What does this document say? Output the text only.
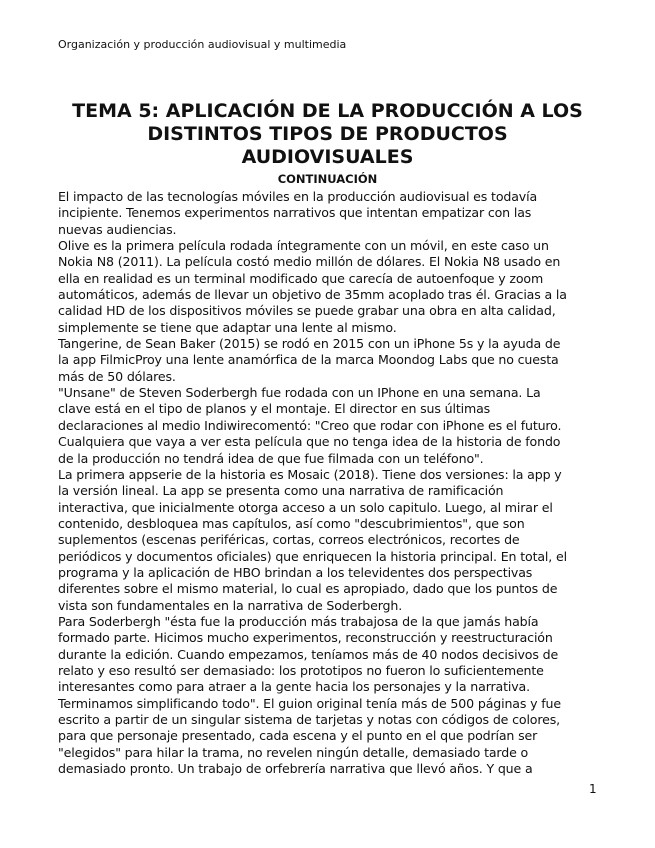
Organización y producción audiovisual y multimedia
TEMA 5: APLICACIÓN DE LA PRODUCCIÓN A LOS
DISTINTOS TIPOS DE PRODUCTOS
AUDIOVISUALES
CONTINUACIÓN
El impacto de las tecnologías móviles en la producción audiovisual es todavía
incipiente. Tenemos experimentos narrativos que intentan empatizar con las
nuevas audiencias.
Olive es la primera película rodada íntegramente con un móvil, en este caso un
Nokia N8 (2011). La película costó medio millón de dólares. El Nokia N8 usado en
ella en realidad es un terminal modificado que carecía de autoenfoque y zoom
automáticos, además de llevar un objetivo de 35mm acoplado tras él. Gracias a la
calidad HD de los dispositivos móviles se puede grabar una obra en alta calidad,
simplemente se tiene que adaptar una lente al mismo.
Tangerine, de Sean Baker (2015) se rodó en 2015 con un iPhone 5s y la ayuda de
la app FilmicProy una lente anamórfica de la marca Moondog Labs que no cuesta
más de 50 dólares.
"Unsane" de Steven Soderbergh fue rodada con un IPhone en una semana. La
clave está en el tipo de planos y el montaje. El director en sus últimas
declaraciones al medio Indiwirecomentó: "Creo que rodar con iPhone es el futuro.
Cualquiera que vaya a ver esta película que no tenga idea de la historia de fondo
de la producción no tendrá idea de que fue filmada con un teléfono".
La primera appserie de la historia es Mosaic (2018). Tiene dos versiones: la app y
la versión lineal. La app se presenta como una narrativa de ramificación
interactiva, que inicialmente otorga acceso a un solo capitulo. Luego, al mirar el
contenido, desbloquea mas capítulos, así como "descubrimientos", que son
suplementos (escenas periféricas, cortas, correos electrónicos, recortes de
periódicos y documentos oficiales) que enriquecen la historia principal. En total, el
programa y la aplicación de HBO brindan a los televidentes dos perspectivas
diferentes sobre el mismo material, lo cual es apropiado, dado que los puntos de
vista son fundamentales en la narrativa de Soderbergh.
Para Soderbergh "ésta fue la producción más trabajosa de la que jamás había
formado parte. Hicimos mucho experimentos, reconstrucción y reestructuración
durante la edición. Cuando empezamos, teníamos más de 40 nodos decisivos de
relato y eso resultó ser demasiado: los prototipos no fueron lo suficientemente
interesantes como para atraer a la gente hacia los personajes y la narrativa.
Terminamos simplificando todo". El guion original tenía más de 500 páginas y fue
escrito a partir de un singular sistema de tarjetas y notas con códigos de colores,
para que personaje presentado, cada escena y el punto en el que podrían ser
"elegidos" para hilar la trama, no revelen ningún detalle, demasiado tarde o
demasiado pronto. Un trabajo de orfebrería narrativa que llevó años. Y que a
1
